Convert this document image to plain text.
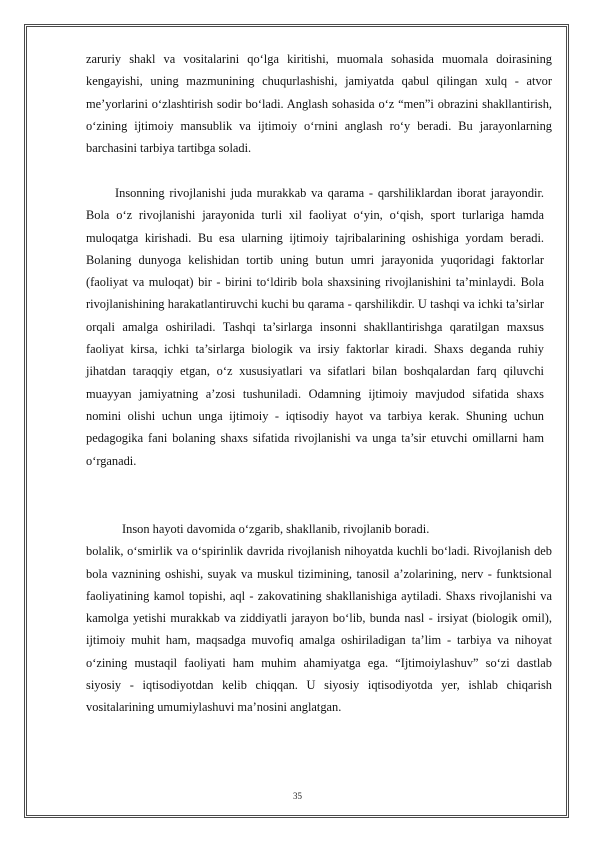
zaruriy shakl va vositalarini qo‘lga kiritishi, muomala sohasida muomala doirasining kengayishi, uning mazmunining chuqurlashishi, jamiyatda qabul qilingan xulq - atvor me’yorlarini o‘zlashtirish sodir bo‘ladi. Anglash sohasida o‘z “men”i obrazini shakllantirish, o‘zining ijtimoiy mansublik va ijtimoiy o‘rnini anglash ro‘y beradi. Bu jarayonlarning barchasini tarbiya tartibga soladi.

Insonning rivojlanishi juda murakkab va qarama - qarshiliklardan iborat jarayondir. Bola o‘z rivojlanishi jarayonida turli xil faoliyat o‘yin, o‘qish, sport turlariga hamda muloqatga kirishadi. Bu esa ularning ijtimoiy tajribalarining oshishiga yordam beradi. Bolaning dunyoga kelishidan tortib uning butun umri jarayonida yuqoridagi faktorlar (faoliyat va muloqat) bir - birini to‘ldirib bola shaxsining rivojlanishini ta’minlaydi. Bola rivojlanishining harakatlantiruvchi kuchi bu qarama - qarshilikdir. U tashqi va ichki ta’sirlar orqali amalga oshiriladi. Tashqi ta’sirlarga insonni shakllantirishga qaratilgan maxsus faoliyat kirsa, ichki ta’sirlarga biologik va irsiy faktorlar kiradi. Shaxs deganda ruhiy jihatdan taraqqiy etgan, o‘z xususiyatlari va sifatlari bilan boshqalardan farq qiluvchi muayyan jamiyatning a’zosi tushuniladi. Odamning ijtimoiy mavjudod sifatida shaxs nomini olishi uchun unga ijtimoiy - iqtisodiy hayot va tarbiya kerak. Shuning uchun pedagogika fani bolaning shaxs sifatida rivojlanishi va unga ta’sir etuvchi omillarni ham o‘rganadi.

Inson hayoti davomida o‘zgarib, shakllanib, rivojlanib boradi.

bolalik, o‘smirlik va o‘spirinlik davrida rivojlanish nihoyatda kuchli bo‘ladi. Rivojlanish deb bola vaznining oshishi, suyak va muskul tizimining, tanosil a’zolarining, nerv - funktsional faoliyatining kamol topishi, aql - zakovatining shakllanishiga aytiladi. Shaxs rivojlanishi va kamolga yetishi murakkab va ziddiyatli jarayon bo‘lib, bunda nasl - irsiyat (biologik omil), ijtimoiy muhit ham, maqsadga muvofiq amalga oshiriladigan ta’lim - tarbiya va nihoyat o‘zining mustaqil faoliyati ham muhim ahamiyatga ega. “Ijtimoiylashuv” so‘zi dastlab siyosiy - iqtisodiyotdan kelib chiqqan. U siyosiy iqtisodiyotda yer, ishlab chiqarish vositalarining umumiylashuvi ma’nosini anglatgan.

35
